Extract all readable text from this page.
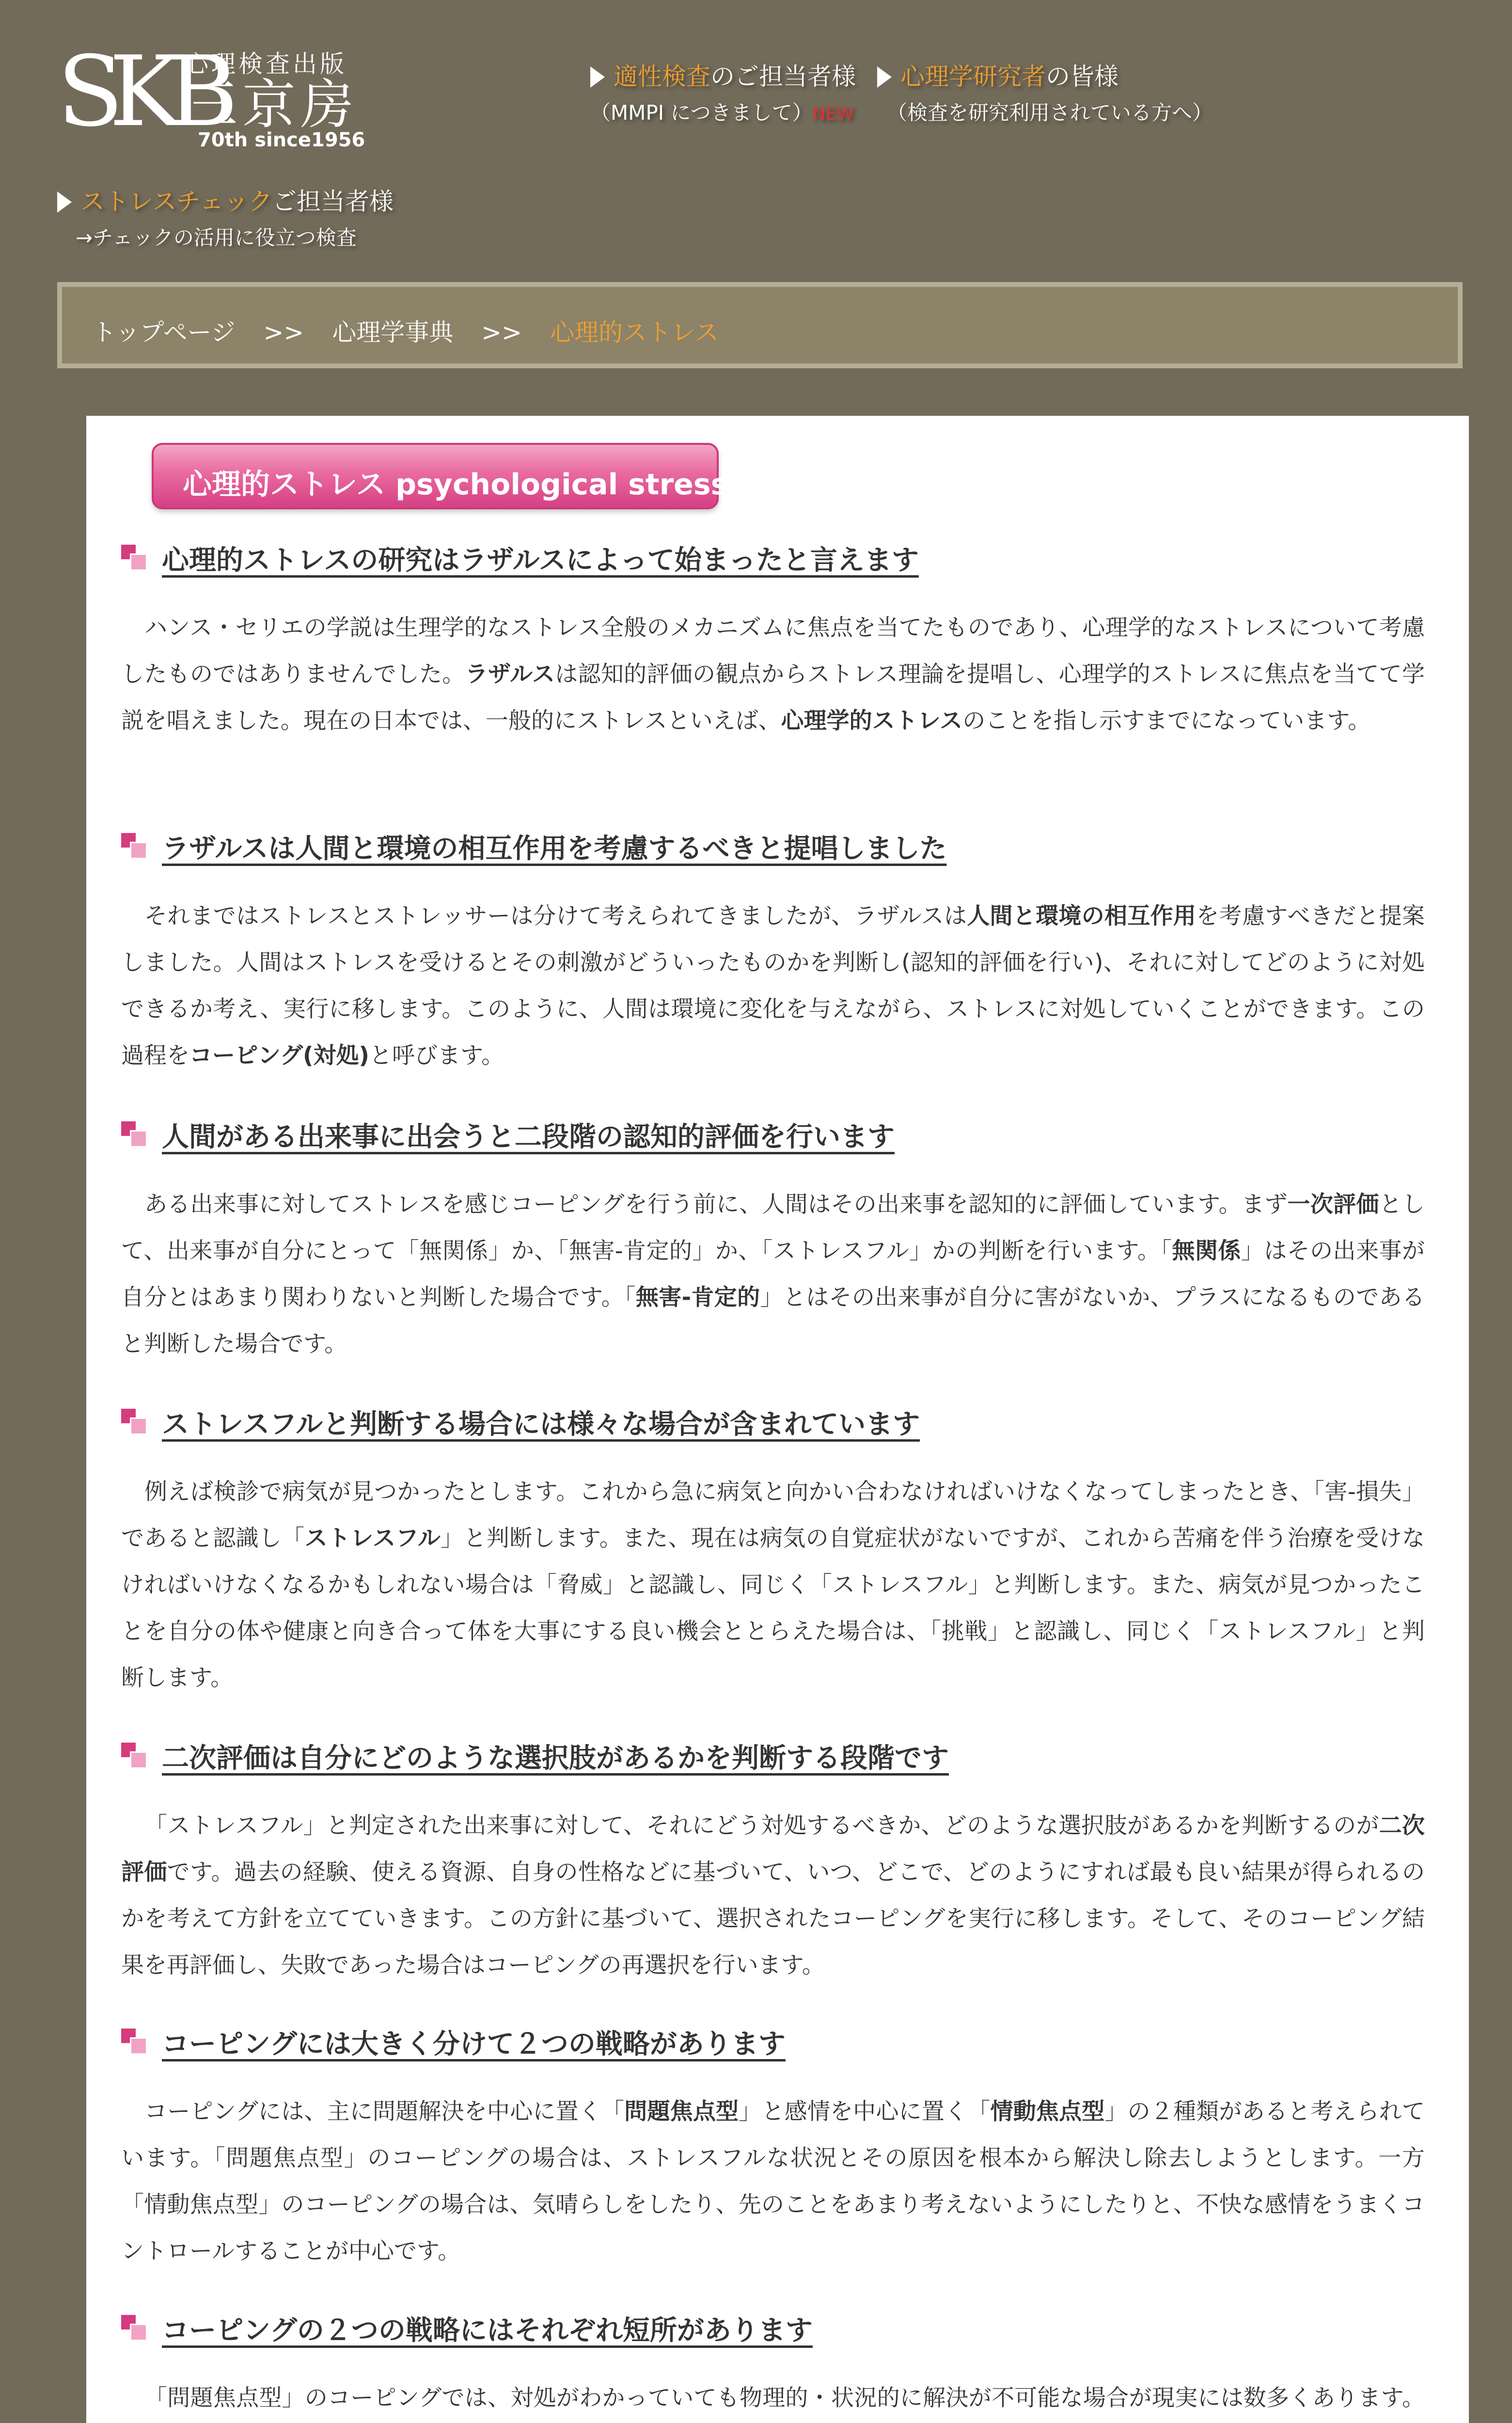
SKB
心理検査出版
三京房
70th since1956
適性検査のご担当者様
（MMPI につきまして）NEW
心理学研究者の皆様
（検査を研究利用されている方へ）
ストレスチェックご担当者様
→チェックの活用に役立つ検査
トップページ >> 心理学事典 >> 心理的ストレス
心理的ストレス psychological stress
心理的ストレスの研究はラザルスによって始まったと言えます
ハンス・セリエの学説は生理学的なストレス全般のメカニズムに焦点を当てたものであり、心理学的なストレスについて考慮したものではありませんでした。ラザルスは認知的評価の観点からストレス理論を提唱し、心理学的ストレスに焦点を当てて学説を唱えました。現在の日本では、一般的にストレスといえば、心理学的ストレスのことを指し示すまでになっています。
ラザルスは人間と環境の相互作用を考慮するべきと提唱しました
それまではストレスとストレッサーは分けて考えられてきましたが、ラザルスは人間と環境の相互作用を考慮すべきだと提案しました。人間はストレスを受けるとその刺激がどういったものかを判断し(認知的評価を行い)、それに対してどのように対処できるか考え、実行に移します。このように、人間は環境に変化を与えながら、ストレスに対処していくことができます。この過程をコーピング(対処)と呼びます。
人間がある出来事に出会うと二段階の認知的評価を行います
ある出来事に対してストレスを感じコーピングを行う前に、人間はその出来事を認知的に評価しています。まず一次評価として、出来事が自分にとって「無関係」か、「無害-肯定的」か、「ストレスフル」かの判断を行います。「無関係」はその出来事が自分とはあまり関わりないと判断した場合です。「無害-肯定的」とはその出来事が自分に害がないか、プラスになるものであると判断した場合です。
ストレスフルと判断する場合には様々な場合が含まれています
例えば検診で病気が見つかったとします。これから急に病気と向かい合わなければいけなくなってしまったとき、「害-損失」であると認識し「ストレスフル」と判断します。また、現在は病気の自覚症状がないですが、これから苦痛を伴う治療を受けなければいけなくなるかもしれない場合は「脅威」と認識し、同じく「ストレスフル」と判断します。また、病気が見つかったことを自分の体や健康と向き合って体を大事にする良い機会ととらえた場合は、「挑戦」と認識し、同じく「ストレスフル」と判断します。
二次評価は自分にどのような選択肢があるかを判断する段階です
「ストレスフル」と判定された出来事に対して、それにどう対処するべきか、どのような選択肢があるかを判断するのが二次評価です。過去の経験、使える資源、自身の性格などに基づいて、いつ、どこで、どのようにすれば最も良い結果が得られるのかを考えて方針を立てていきます。この方針に基づいて、選択されたコーピングを実行に移します。そして、そのコーピング結果を再評価し、失敗であった場合はコーピングの再選択を行います。
コーピングには大きく分けて２つの戦略があります
コーピングには、主に問題解決を中心に置く「問題焦点型」と感情を中心に置く「情動焦点型」の２種類があると考えられています。「問題焦点型」のコーピングの場合は、ストレスフルな状況とその原因を根本から解決し除去しようとします。一方「情動焦点型」のコーピングの場合は、気晴らしをしたり、先のことをあまり考えないようにしたりと、不快な感情をうまくコントロールすることが中心です。
コーピングの２つの戦略にはそれぞれ短所があります
「問題焦点型」のコーピングでは、対処がわかっていても物理的・状況的に解決が不可能な場合が現実には数多くあります。
